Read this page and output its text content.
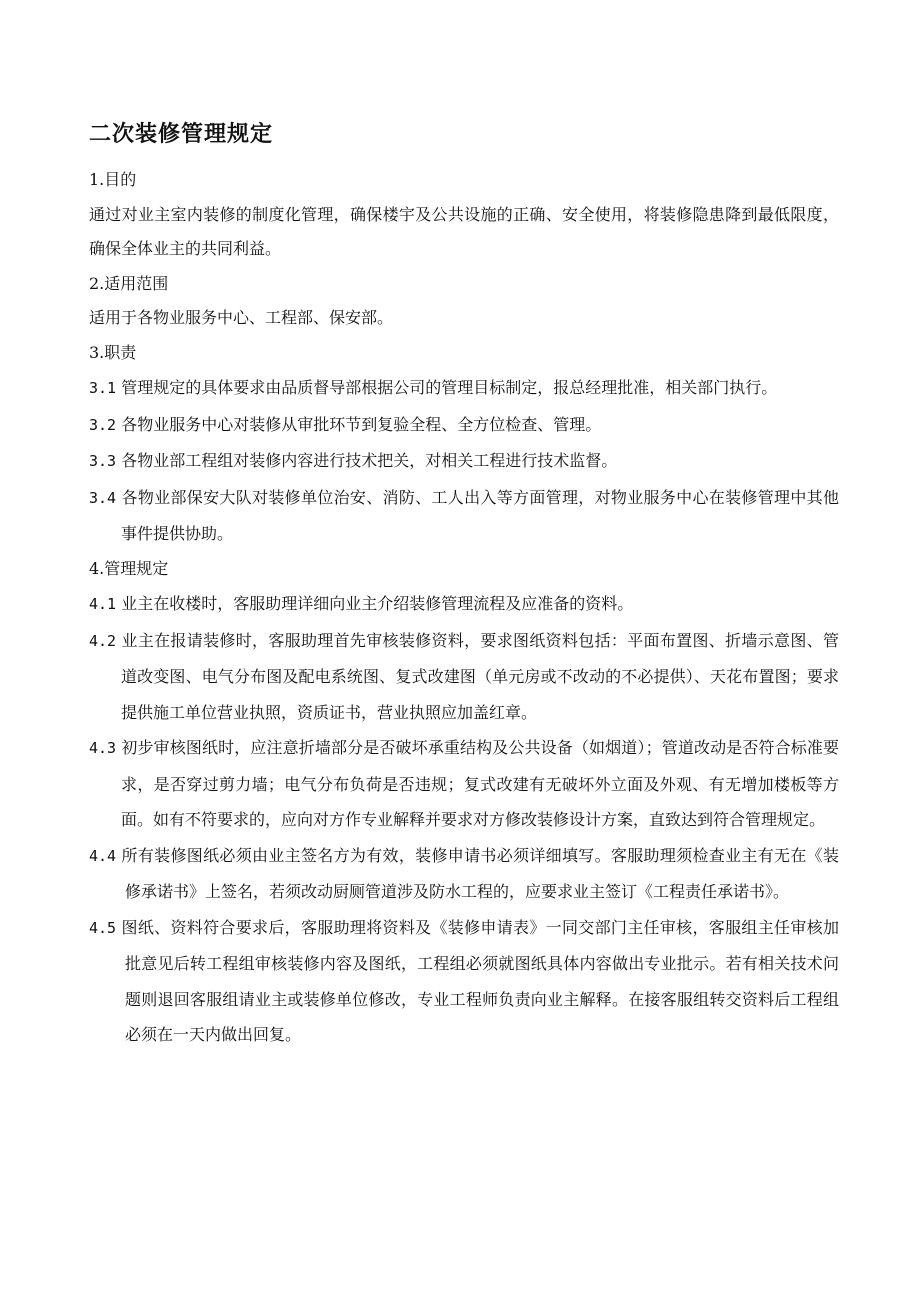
二次装修管理规定

1.目的

通过对业主室内装修的制度化管理，确保楼宇及公共设施的正确、安全使用，将装修隐患降到最低限度，确保全体业主的共同利益。

2.适用范围

适用于各物业服务中心、工程部、保安部。

3.职责

3.1 管理规定的具体要求由品质督导部根据公司的管理目标制定，报总经理批准，相关部门执行。

3.2 各物业服务中心对装修从审批环节到复验全程、全方位检查、管理。

3.3 各物业部工程组对装修内容进行技术把关，对相关工程进行技术监督。

3.4 各物业部保安大队对装修单位治安、消防、工人出入等方面管理，对物业服务中心在装修管理中其他事件提供协助。

4.管理规定

4.1 业主在收楼时，客服助理详细向业主介绍装修管理流程及应准备的资料。

4.2 业主在报请装修时，客服助理首先审核装修资料，要求图纸资料包括：平面布置图、折墙示意图、管道改变图、电气分布图及配电系统图、复式改建图（单元房或不改动的不必提供）、天花布置图；要求提供施工单位营业执照，资质证书，营业执照应加盖红章。

4.3 初步审核图纸时，应注意折墙部分是否破坏承重结构及公共设备（如烟道）；管道改动是否符合标准要求，是否穿过剪力墙；电气分布负荷是否违规；复式改建有无破坏外立面及外观、有无增加楼板等方面。如有不符要求的，应向对方作专业解释并要求对方修改装修设计方案，直致达到符合管理规定。

4.4 所有装修图纸必须由业主签名方为有效，装修申请书必须详细填写。客服助理须检查业主有无在《装修承诺书》上签名，若须改动厨厕管道涉及防水工程的，应要求业主签订《工程责任承诺书》。

4.5 图纸、资料符合要求后，客服助理将资料及《装修申请表》一同交部门主任审核，客服组主任审核加批意见后转工程组审核装修内容及图纸，工程组必须就图纸具体内容做出专业批示。若有相关技术问题则退回客服组请业主或装修单位修改，专业工程师负责向业主解释。在接客服组转交资料后工程组必须在一天内做出回复。
